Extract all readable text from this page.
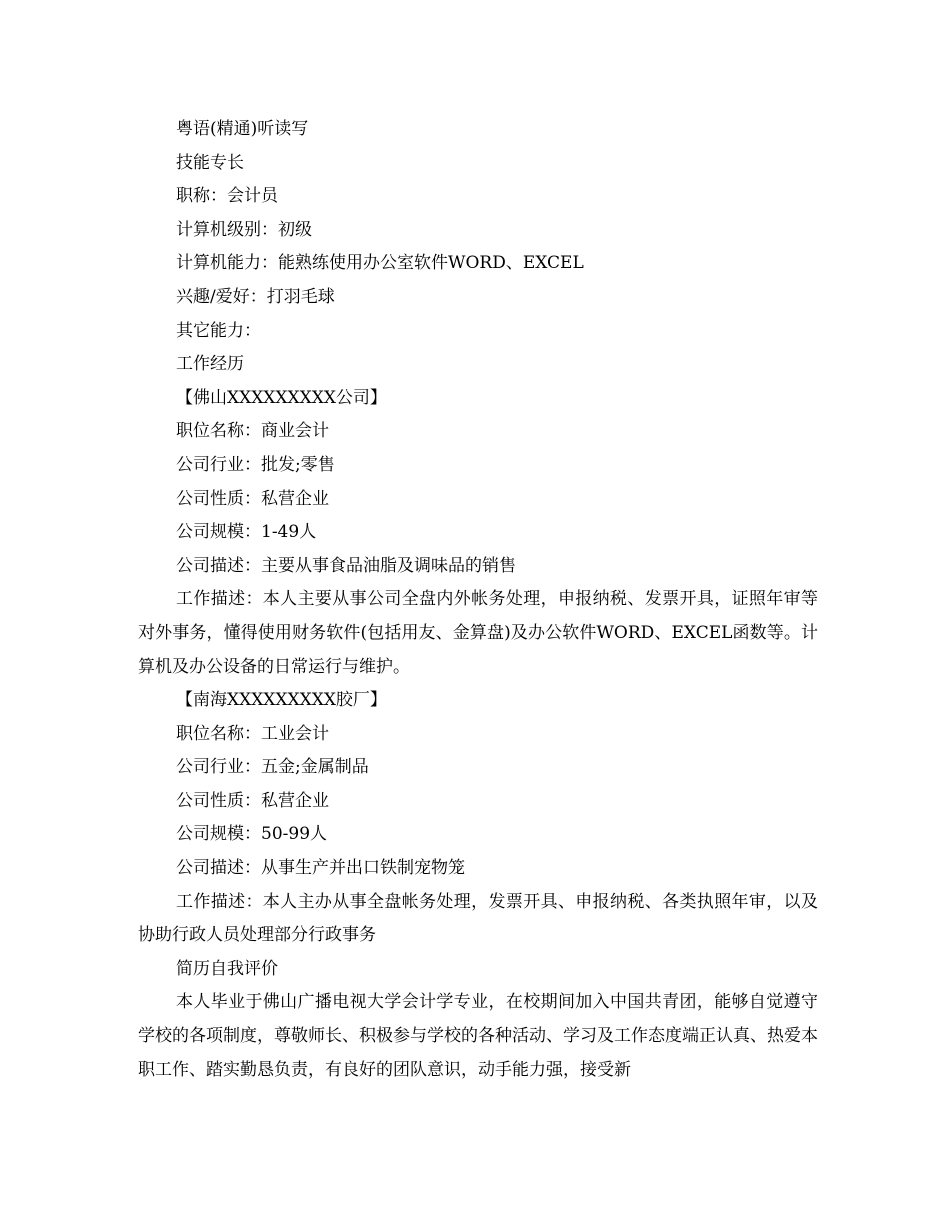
粤语(精通)听读写

技能专长

职称：会计员

计算机级别：初级

计算机能力：能熟练使用办公室软件WORD、EXCEL

兴趣/爱好：打羽毛球

其它能力：

工作经历

【佛山XXXXXXXXX公司】

职位名称：商业会计

公司行业：批发;零售

公司性质：私营企业

公司规模：1-49人

公司描述：主要从事食品油脂及调味品的销售

工作描述：本人主要从事公司全盘内外帐务处理，申报纳税、发票开具，证照年审等对外事务，懂得使用财务软件(包括用友、金算盘)及办公软件WORD、EXCEL函数等。计算机及办公设备的日常运行与维护。

【南海XXXXXXXXX胶厂】

职位名称：工业会计

公司行业：五金;金属制品

公司性质：私营企业

公司规模：50-99人

公司描述：从事生产并出口铁制宠物笼

工作描述：本人主办从事全盘帐务处理，发票开具、申报纳税、各类执照年审，以及协助行政人员处理部分行政事务

简历自我评价

本人毕业于佛山广播电视大学会计学专业，在校期间加入中国共青团，能够自觉遵守学校的各项制度，尊敬师长、积极参与学校的各种活动、学习及工作态度端正认真、热爱本职工作、踏实勤恳负责，有良好的团队意识，动手能力强，接受新
